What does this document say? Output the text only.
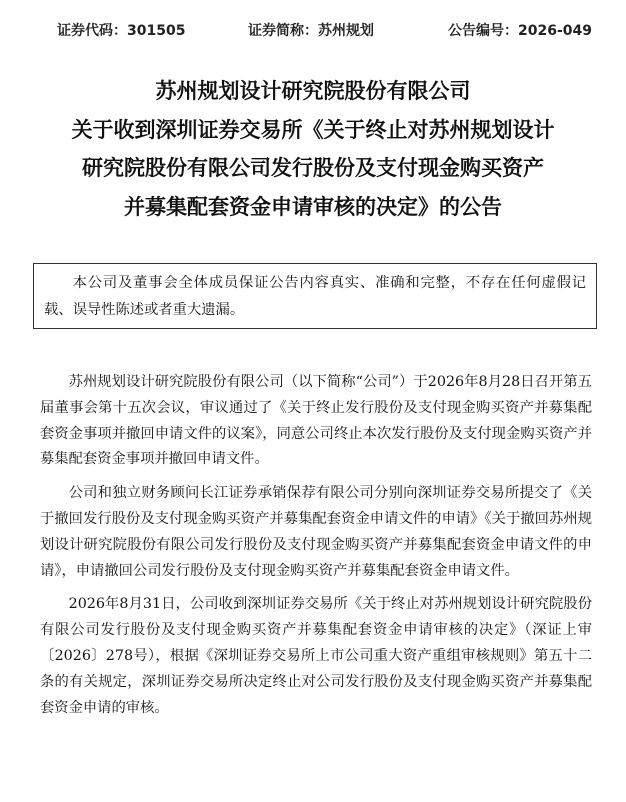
证券代码：301505	证券简称：苏州规划	公告编号：2026-049
苏州规划设计研究院股份有限公司
关于收到深圳证券交易所《关于终止对苏州规划设计
研究院股份有限公司发行股份及支付现金购买资产
并募集配套资金申请审核的决定》的公告

本公司及董事会全体成员保证公告内容真实、准确和完整，不存在任何虚假记载、误导性陈述或者重大遗漏。

苏州规划设计研究院股份有限公司（以下简称“公司”）于2026年8月28日召开第五届董事会第十五次会议，审议通过了《关于终止发行股份及支付现金购买资产并募集配套资金事项并撤回申请文件的议案》，同意公司终止本次发行股份及支付现金购买资产并募集配套资金事项并撤回申请文件。

公司和独立财务顾问长江证券承销保荐有限公司分别向深圳证券交易所提交了《关于撤回发行股份及支付现金购买资产并募集配套资金申请文件的申请》《关于撤回苏州规划设计研究院股份有限公司发行股份及支付现金购买资产并募集配套资金申请文件的申请》，申请撤回公司发行股份及支付现金购买资产并募集配套资金申请文件。

2026年8月31日，公司收到深圳证券交易所《关于终止对苏州规划设计研究院股份有限公司发行股份及支付现金购买资产并募集配套资金申请审核的决定》（深证上审〔2026〕278号），根据《深圳证券交易所上市公司重大资产重组审核规则》第五十二条的有关规定，深圳证券交易所决定终止对公司发行股份及支付现金购买资产并募集配套资金申请的审核。
